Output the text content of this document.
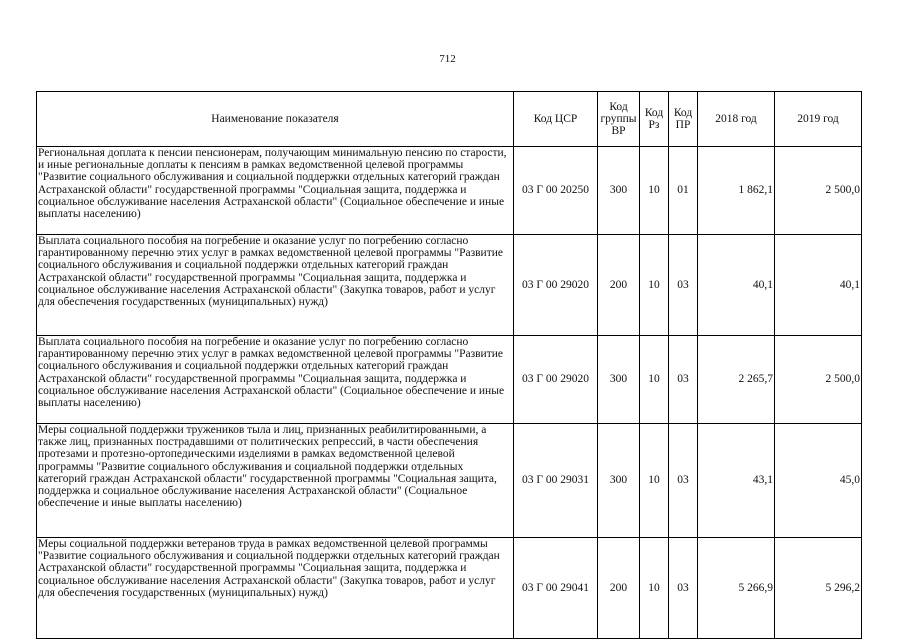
712
Наименование показателя	Код ЦСР	Код группы ВР	Код Рз	Код ПР	2018 год	2019 год
Региональная доплата к пенсии пенсионерам, получающим минимальную пенсию по старости, и иные региональные доплаты к пенсиям в рамках ведомственной целевой программы "Развитие социального обслуживания и социальной поддержки отдельных категорий граждан Астраханской области" государственной программы "Социальная защита, поддержка и социальное обслуживание населения Астраханской области" (Социальное обеспечение и иные выплаты населению)	03 Г 00 20250	300	10	01	1 862,1	2 500,0
Выплата социального пособия на погребение и оказание услуг по погребению согласно гарантированному перечню этих услуг в рамках ведомственной целевой программы "Развитие социального обслуживания и социальной поддержки отдельных категорий граждан Астраханской области" государственной программы "Социальная защита, поддержка и социальное обслуживание населения Астраханской области" (Закупка товаров, работ и услуг для обеспечения государственных (муниципальных) нужд)	03 Г 00 29020	200	10	03	40,1	40,1
Выплата социального пособия на погребение и оказание услуг по погребению согласно гарантированному перечню этих услуг в рамках ведомственной целевой программы "Развитие социального обслуживания и социальной поддержки отдельных категорий граждан Астраханской области" государственной программы "Социальная защита, поддержка и социальное обслуживание населения Астраханской области" (Социальное обеспечение и иные выплаты населению)	03 Г 00 29020	300	10	03	2 265,7	2 500,0
Меры социальной поддержки тружеников тыла и лиц, признанных реабилитированными, а также лиц, признанных пострадавшими от политических репрессий, в части обеспечения протезами и протезно-ортопедическими изделиями в рамках ведомственной целевой программы "Развитие социального обслуживания и социальной поддержки отдельных категорий граждан Астраханской области" государственной программы "Социальная защита, поддержка и социальное обслуживание населения Астраханской области" (Социальное обеспечение и иные выплаты населению)	03 Г 00 29031	300	10	03	43,1	45,0
Меры социальной поддержки ветеранов труда в рамках ведомственной целевой программы "Развитие социального обслуживания и социальной поддержки отдельных категорий граждан Астраханской области" государственной программы "Социальная защита, поддержка и социальное обслуживание населения Астраханской области" (Закупка товаров, работ и услуг для обеспечения государственных (муниципальных) нужд)	03 Г 00 29041	200	10	03	5 266,9	5 296,2
